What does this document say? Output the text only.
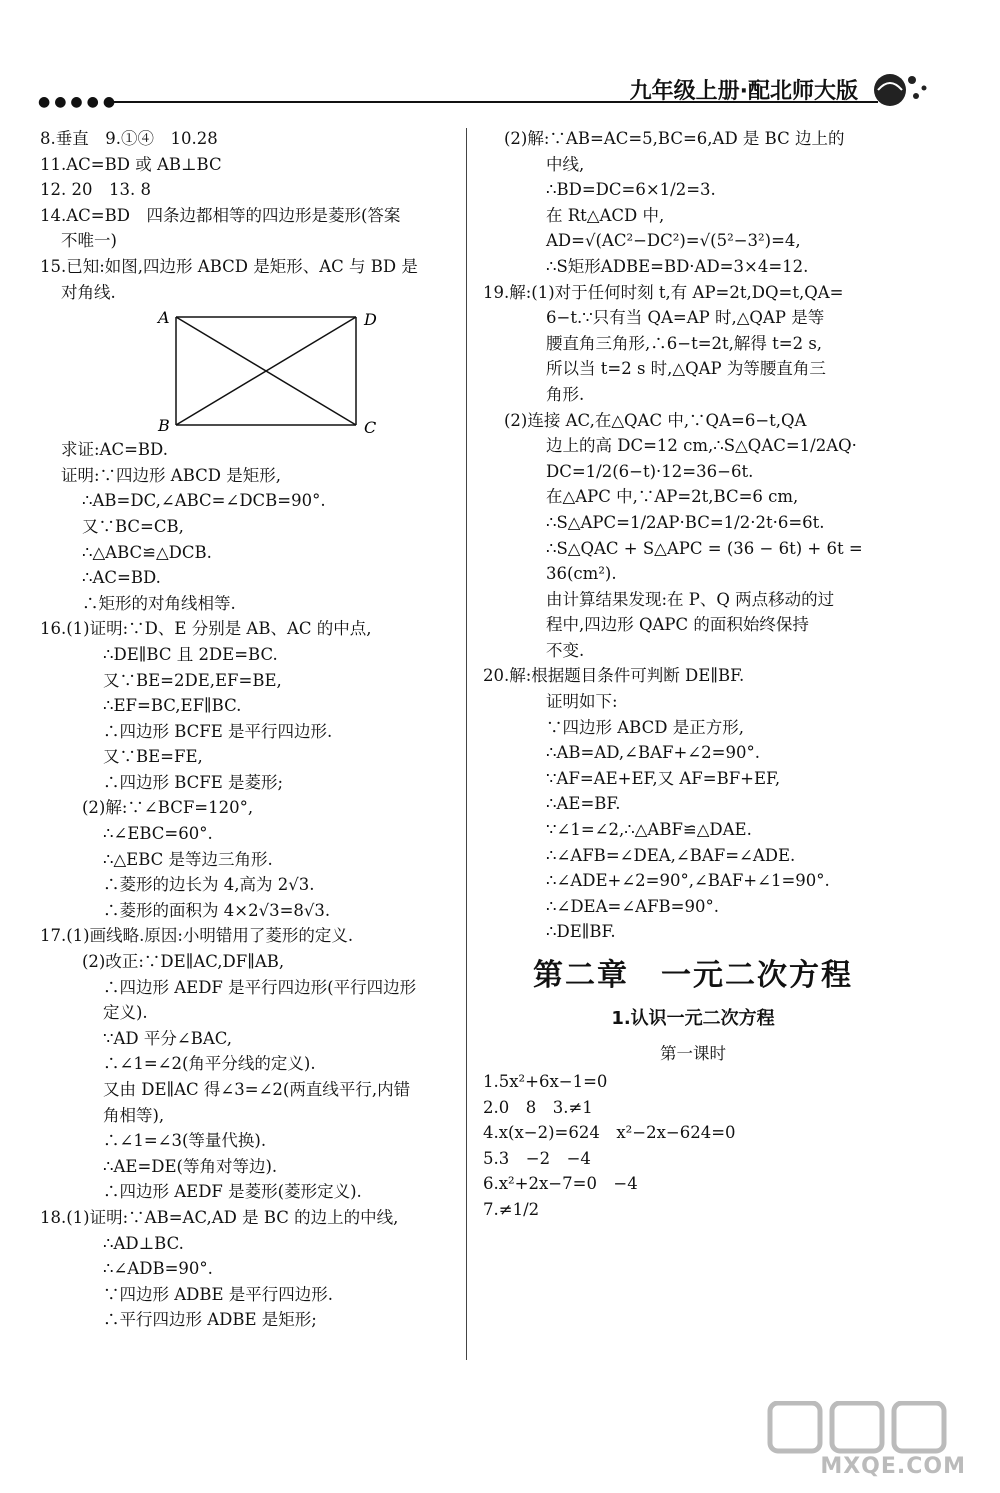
●●●●●	九年级上册·配北师大版
8.垂直　9.①④　10.28
11.AC=BD 或 AB⊥BC
12. 20　13. 8
14.AC=BD　四条边都相等的四边形是菱形(答案
不唯一)
15.已知:如图,四边形 ABCD 是矩形、AC 与 BD 是
对角线.
A	D
B	C
求证:AC=BD.
证明:∵四边形 ABCD 是矩形,
∴AB=DC,∠ABC=∠DCB=90°.
又∵BC=CB,
∴△ABC≌△DCB.
∴AC=BD.
∴矩形的对角线相等.
16.(1)证明:∵D、E 分别是 AB、AC 的中点,
∴DE∥BC 且 2DE=BC.
又∵BE=2DE,EF=BE,
∴EF=BC,EF∥BC.
∴四边形 BCFE 是平行四边形.
又∵BE=FE,
∴四边形 BCFE 是菱形;
(2)解:∵∠BCF=120°,
∴∠EBC=60°.
∴△EBC 是等边三角形.
∴菱形的边长为 4,高为 2√3.
∴菱形的面积为 4×2√3=8√3.
17.(1)画线略.原因:小明错用了菱形的定义.
(2)改正:∵DE∥AC,DF∥AB,
∴四边形 AEDF 是平行四边形(平行四边形
定义).
∵AD 平分∠BAC,
∴∠1=∠2(角平分线的定义).
又由 DE∥AC 得∠3=∠2(两直线平行,内错
角相等),
∴∠1=∠3(等量代换).
∴AE=DE(等角对等边).
∴四边形 AEDF 是菱形(菱形定义).
18.(1)证明:∵AB=AC,AD 是 BC 的边上的中线,
∴AD⊥BC.
∴∠ADB=90°.
∵四边形 ADBE 是平行四边形.
∴平行四边形 ADBE 是矩形;
(2)解:∵AB=AC=5,BC=6,AD 是 BC 边上的
中线,
∴BD=DC=6×1/2=3.
在 Rt△ACD 中,
AD=√(AC²−DC²)=√(5²−3²)=4,
∴S矩形ADBE=BD·AD=3×4=12.
19.解:(1)对于任何时刻 t,有 AP=2t,DQ=t,QA=
6−t.∵只有当 QA=AP 时,△QAP 是等
腰直角三角形,∴6−t=2t,解得 t=2 s,
所以当 t=2 s 时,△QAP 为等腰直角三
角形.
(2)连接 AC,在△QAC 中,∵QA=6−t,QA
边上的高 DC=12 cm,∴S△QAC=1/2AQ·
DC=1/2(6−t)·12=36−6t.
在△APC 中,∵AP=2t,BC=6 cm,
∴S△APC=1/2AP·BC=1/2·2t·6=6t.
∴S△QAC + S△APC = (36 − 6t) + 6t =
36(cm²).
由计算结果发现:在 P、Q 两点移动的过
程中,四边形 QAPC 的面积始终保持
不变.
20.解:根据题目条件可判断 DE∥BF.
证明如下:
∵四边形 ABCD 是正方形,
∴AB=AD,∠BAF+∠2=90°.
∵AF=AE+EF,又 AF=BF+EF,
∴AE=BF.
∵∠1=∠2,∴△ABF≌△DAE.
∴∠AFB=∠DEA,∠BAF=∠ADE.
∴∠ADE+∠2=90°,∠BAF+∠1=90°.
∴∠DEA=∠AFB=90°.
∴DE∥BF.
第二章　一元二次方程
1.认识一元二次方程
第一课时
1.5x²+6x−1=0
2.0　8　3.≠1
4.x(x−2)=624　x²−2x−624=0
5.3　−2　−4
6.x²+2x−7=0　−4
7.≠1/2
MXQE.COM
